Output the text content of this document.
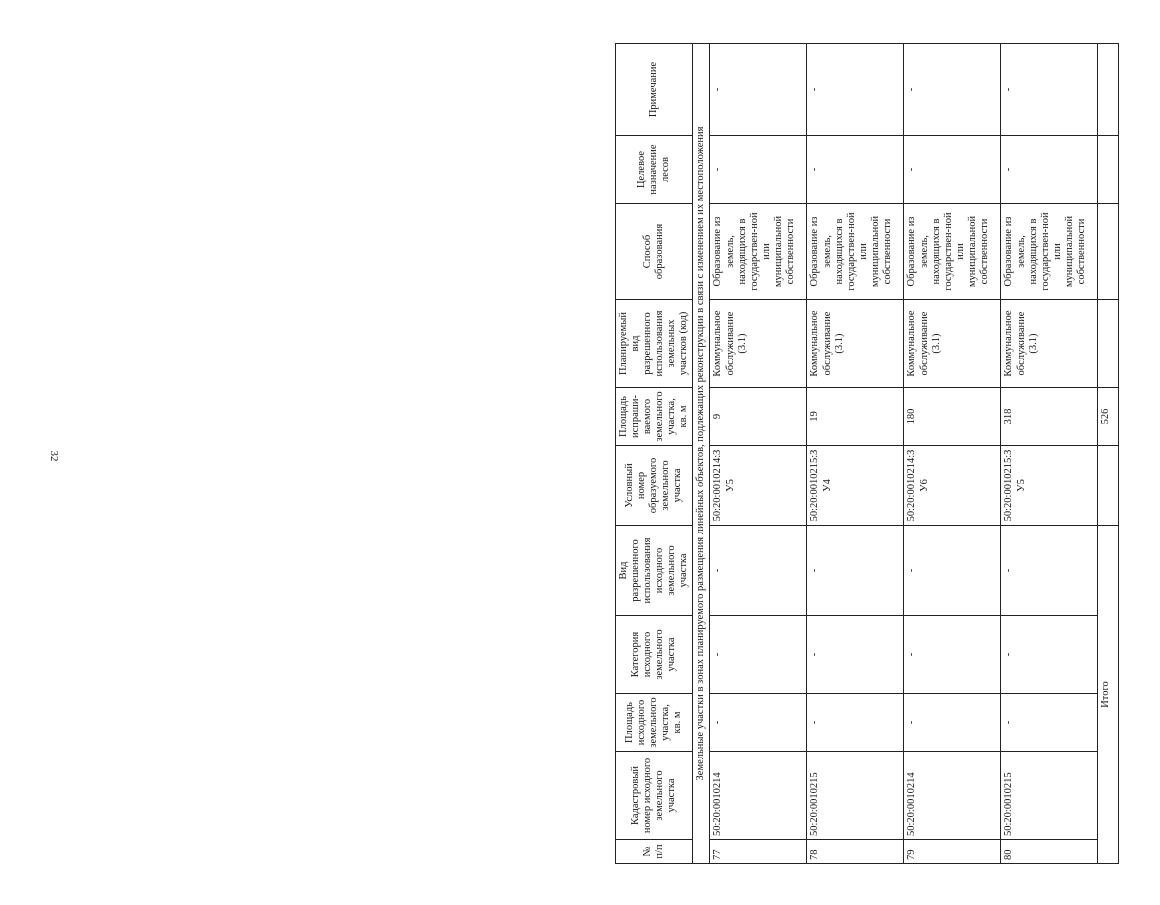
32
№ п/п	Кадастровый номер исходного земельного участка	Площадь исходного земельного участка, кв. м	Категория исходного земельного участка	Вид разрешенного использования исходного земельного участка	Условный номер образуемого земельного участка	Площадь испраши-ваемого земельного участка, кв. м	Планируемый вид разрешенного использования земельных участков (код)	Способ образования	Целевое назначение лесов	Примечание
Земельные участки в зонах планируемого размещения линейных объектов, подлежащих реконструкции в связи с изменением их местоположения										
77	50:20:0010214	-	-	-	50:20:0010214:ЗУ5	9	Коммунальное обслуживание (3.1)	Образование из земель, находящихся в государствен-ной или муниципальной собственности	-	-
78	50:20:0010215	-	-	-	50:20:0010215:ЗУ4	19	Коммунальное обслуживание (3.1)	Образование из земель, находящихся в государствен-ной или муниципальной собственности	-	-
79	50:20:0010214	-	-	-	50:20:0010214:ЗУ6	180	Коммунальное обслуживание (3.1)	Образование из земель, находящихся в государствен-ной или муниципальной собственности	-	-
80	50:20:0010215	-	-	-	50:20:0010215:ЗУ5	318	Коммунальное обслуживание (3.1)	Образование из земель, находящихся в государствен-ной или муниципальной собственности	-	-
Итого						526				
